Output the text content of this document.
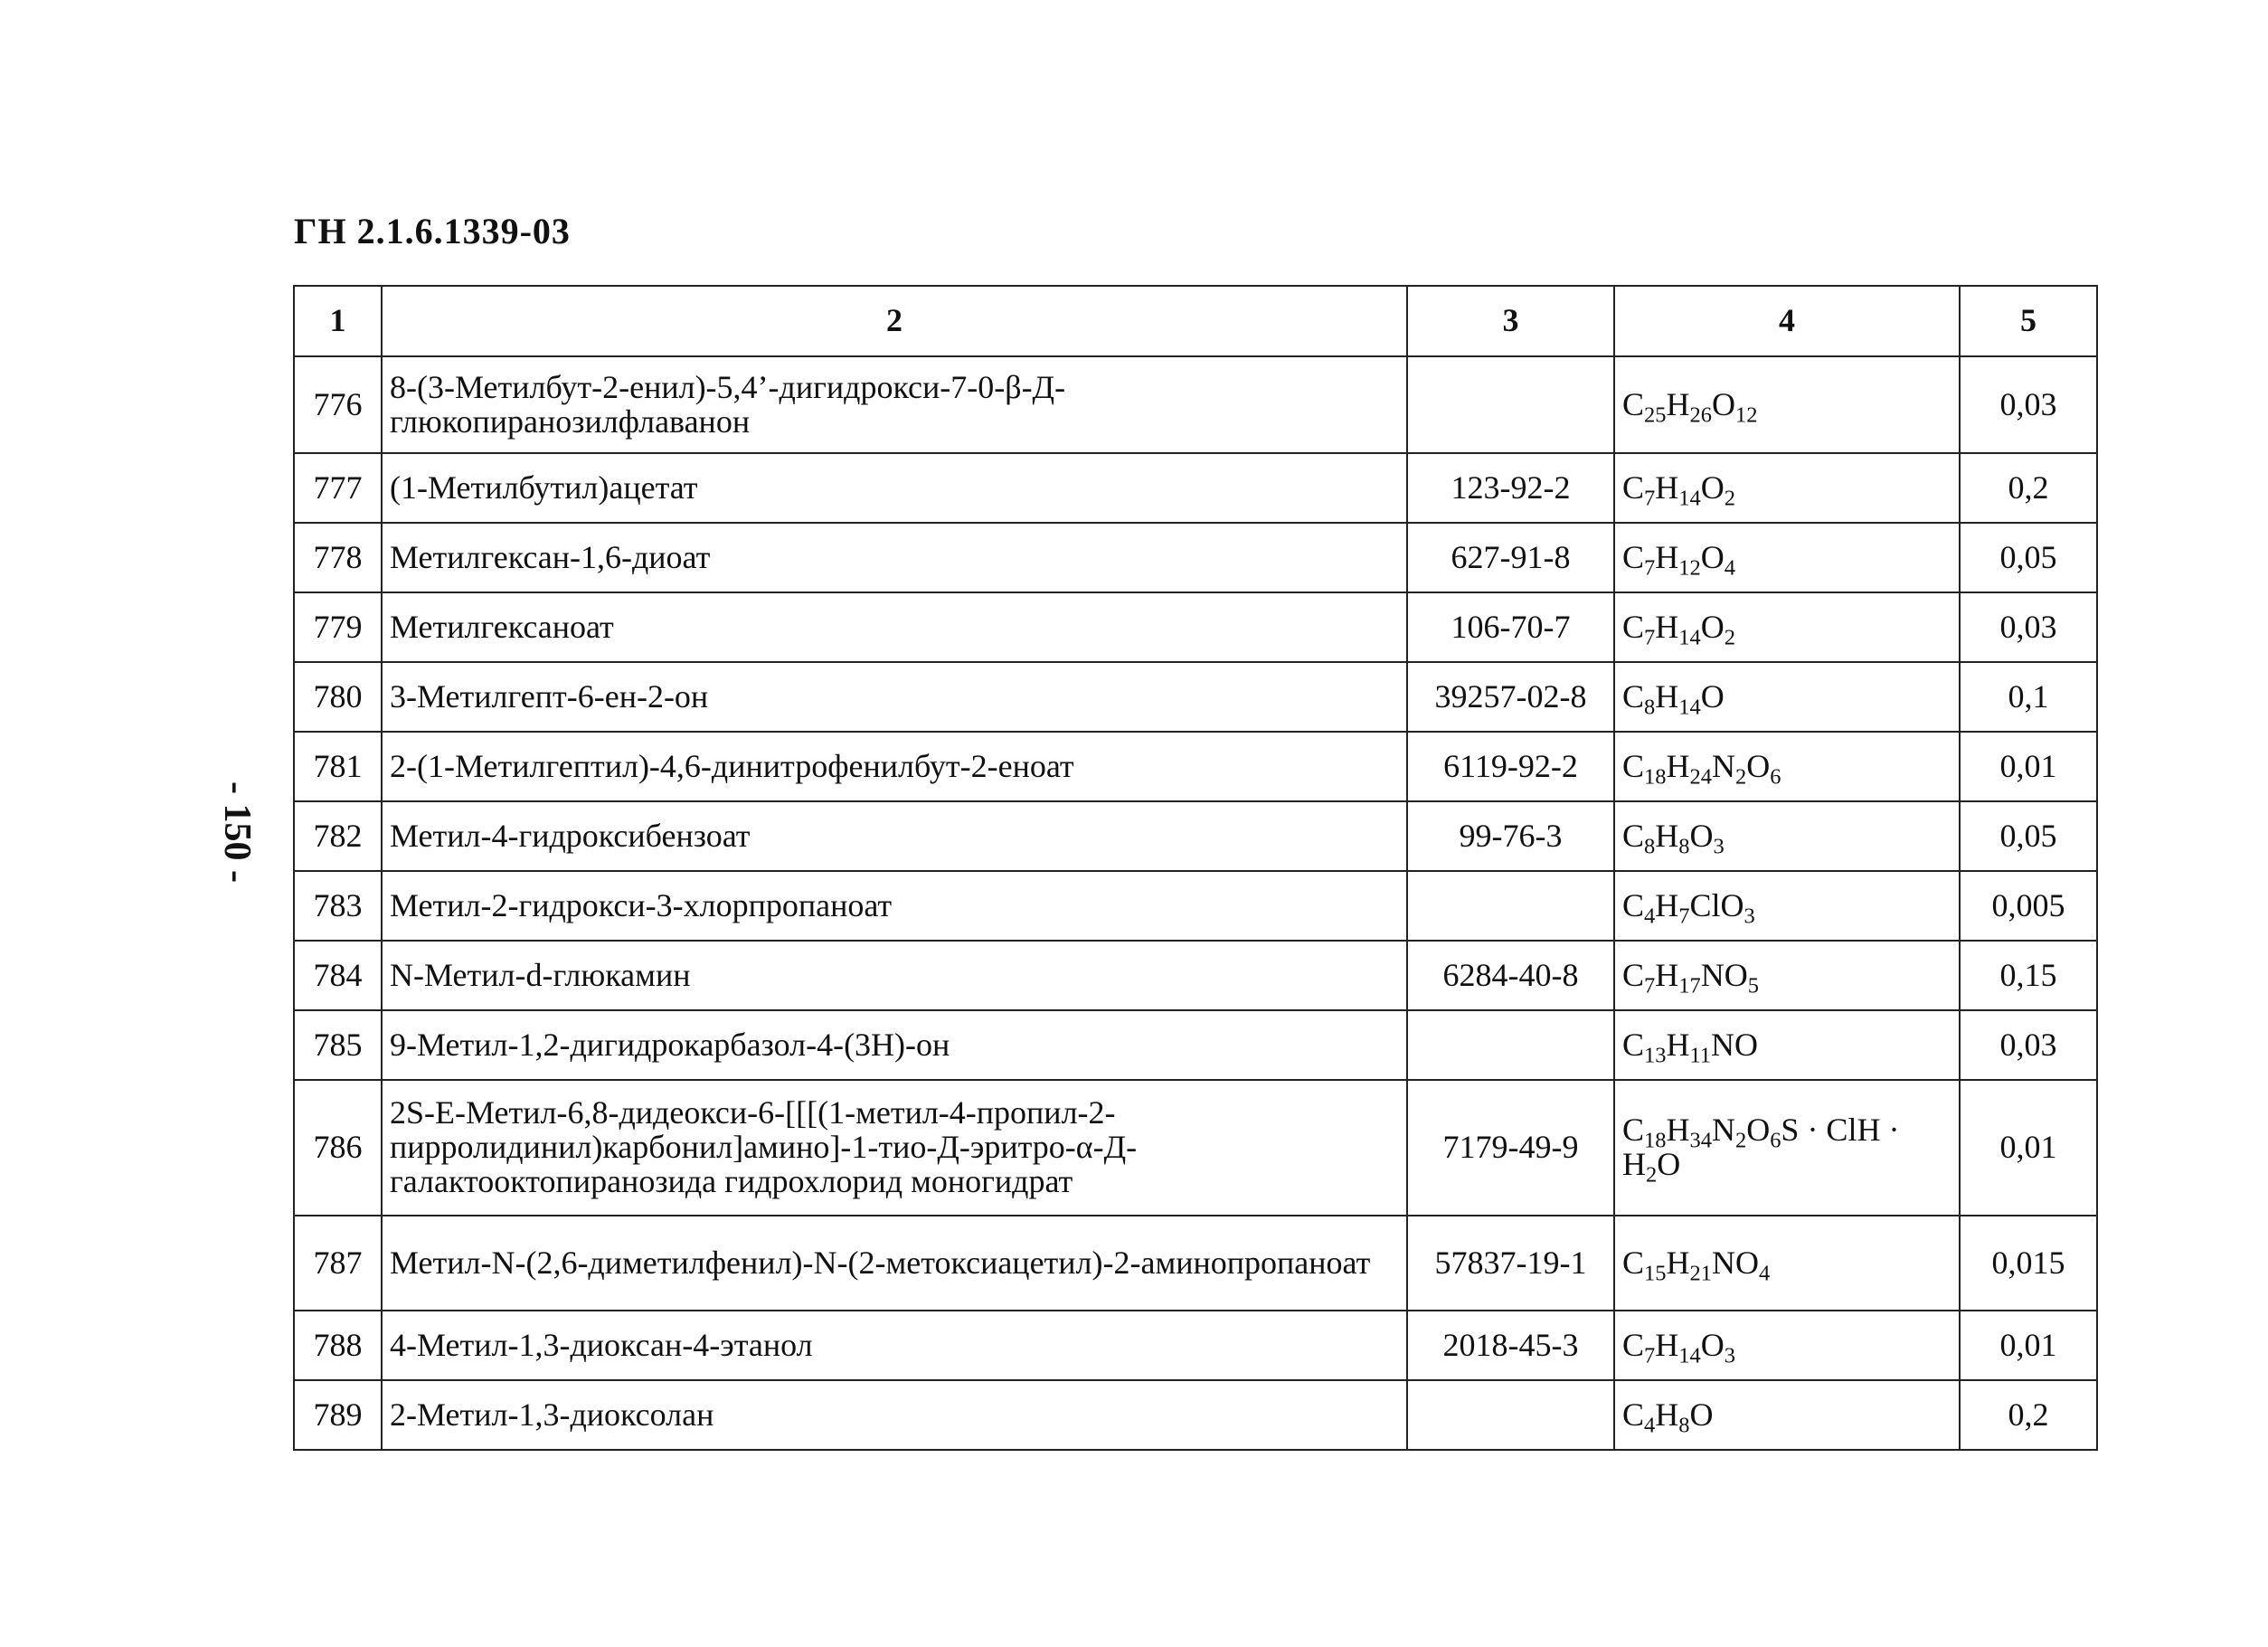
ГН 2.1.6.1339-03
- 150 -
1	2	3	4	5
776	8-(3-Метилбут-2-енил)-5,4’-дигидрокси-7-0-β-Д-глюкопиранозилфлаванон		$C_{25}H_{26}O_{12}$	0,03
777	(1-Метилбутил)ацетат	123-92-2	$C_7H_{14}O_2$	0,2
778	Метилгексан-1,6-диоат	627-91-8	$C_7H_{12}O_4$	0,05
779	Метилгексаноат	106-70-7	$C_7H_{14}O_2$	0,03
780	3-Метилгепт-6-ен-2-он	39257-02-8	$C_8H_{14}O$	0,1
781	2-(1-Метилгептил)-4,6-динитрофенилбут-2-еноат	6119-92-2	$C_{18}H_{24}N_2O_6$	0,01
782	Метил-4-гидроксибензоат	99-76-3	$C_8H_8O_3$	0,05
783	Метил-2-гидрокси-3-хлорпропаноат		$C_4H_7ClO_3$	0,005
784	N-Метил-d-глюкамин	6284-40-8	$C_7H_{17}NO_5$	0,15
785	9-Метил-1,2-дигидрокарбазол-4-(3Н)-он		$C_{13}H_{11}NO$	0,03
786	2S-Е-Метил-6,8-дидеокси-6-[[[(1-метил-4-пропил-2-пирролидинил)карбонил]амино]-1-тио-Д-эритро-α-Д-галактооктопиранозида гидрохлорид моногидрат	7179-49-9	$C_{18}H_{34}N_2O_6S$ · ClH · $H_2O$	0,01
787	Метил-N-(2,6-диметилфенил)-N-(2-метоксиацетил)-2-аминопропаноат	57837-19-1	$C_{15}H_{21}NO_4$	0,015
788	4-Метил-1,3-диоксан-4-этанол	2018-45-3	$C_7H_{14}O_3$	0,01
789	2-Метил-1,3-диоксолан		$C_4H_8O$	0,2
